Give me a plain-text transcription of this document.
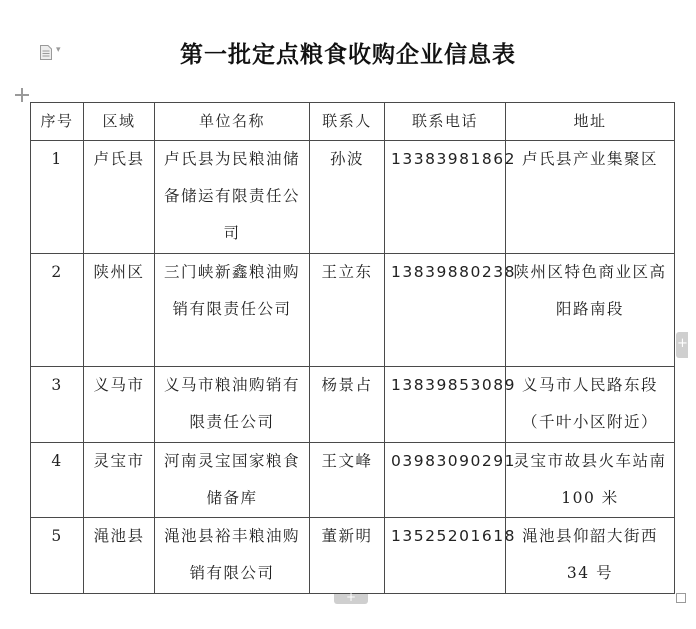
▾	第一批定点粮食收购企业信息表
序号	区域	单位名称	联系人	联系电话	地址
1	卢氏县	卢氏县为民粮油储备储运有限责任公司	孙波	13383981862	卢氏县产业集聚区
2	陕州区	三门峡新鑫粮油购销有限责任公司	王立东	13839880238	陕州区特色商业区高阳路南段
3	义马市	义马市粮油购销有限责任公司	杨景占	13839853089	义马市人民路东段（千叶小区附近）
4	灵宝市	河南灵宝国家粮食储备库	王文峰	03983090291	灵宝市故县火车站南 100 米
5	渑池县	渑池县裕丰粮油购销有限公司	董新明	13525201618	渑池县仰韶大街西 34 号
+
+
